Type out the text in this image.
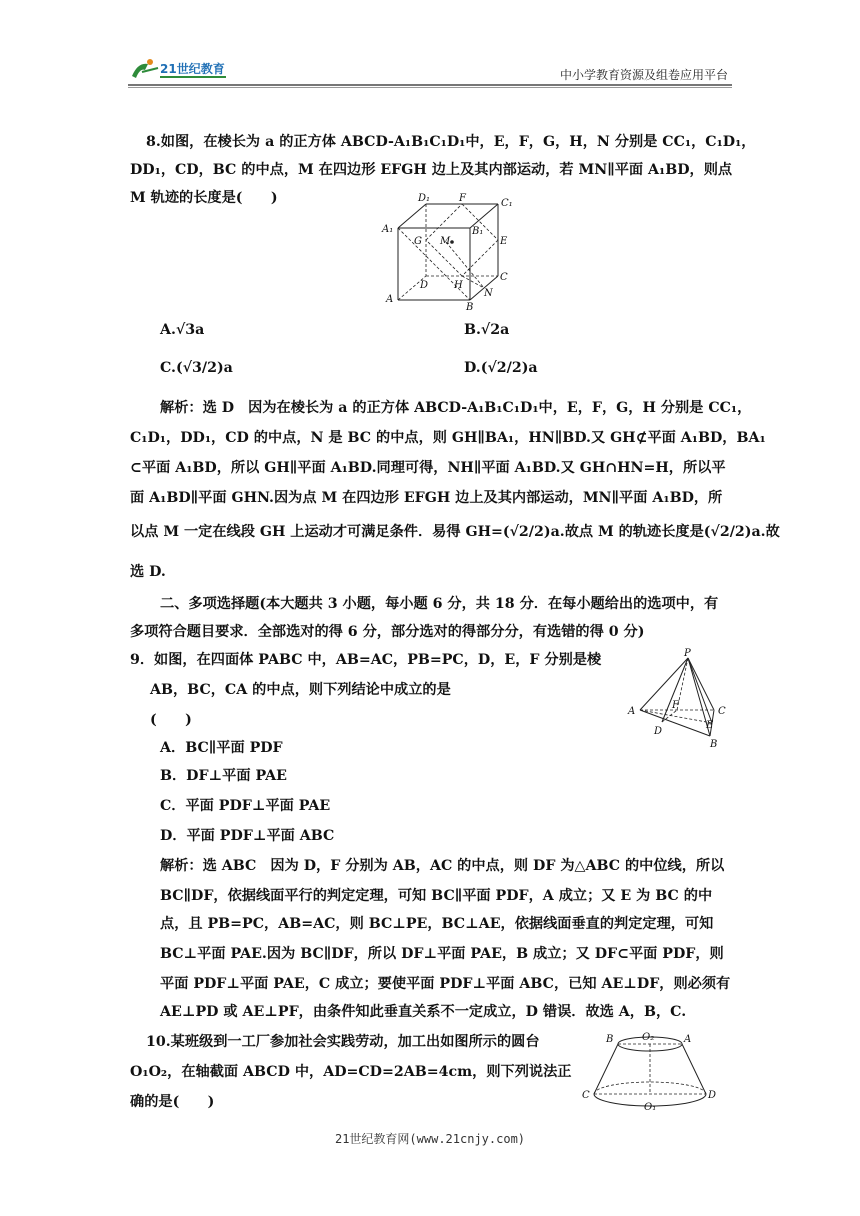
21世纪教育	中小学教育资源及组卷应用平台

8.如图，在棱长为 a 的正方体 ABCD-A₁B₁C₁D₁中，E，F，G，H，N 分别是 CC₁，C₁D₁，

DD₁，CD，BC 的中点，M 在四边形 EFGH 边上及其内部运动，若 MN∥平面 A₁BD，则点

M 轨迹的长度是(　　)	D₁	F	C₁
A₁
G M
B₁
E
C
D	H
N
A
B

A.√3a	B.√2a

C.(√3/2)a	D.(√2/2)a

解析：选 D　因为在棱长为 a 的正方体 ABCD-A₁B₁C₁D₁中，E，F，G，H 分别是 CC₁，

C₁D₁，DD₁，CD 的中点，N 是 BC 的中点，则 GH∥BA₁，HN∥BD.又 GH⊄平面 A₁BD，BA₁

⊂平面 A₁BD，所以 GH∥平面 A₁BD.同理可得，NH∥平面 A₁BD.又 GH∩HN=H，所以平

面 A₁BD∥平面 GHN.因为点 M 在四边形 EFGH 边上及其内部运动，MN∥平面 A₁BD，所

以点 M 一定在线段 GH 上运动才可满足条件．易得 GH=(√2/2)a.故点 M 的轨迹长度是(√2/2)a.故

选 D.

二、多项选择题(本大题共 3 小题，每小题 6 分，共 18 分．在每小题给出的选项中，有

多项符合题目要求．全部选对的得 6 分，部分选对的得部分分，有选错的得 0 分)

9．如图，在四面体 PABC 中，AB=AC，PB=PC，D，E，F 分别是棱

AB，BC，CA 的中点，则下列结论中成立的是

(　　)

P
A
F
C
D
E
B

A．BC∥平面 PDF

B．DF⊥平面 PAE

C．平面 PDF⊥平面 PAE

D．平面 PDF⊥平面 ABC

解析：选 ABC　因为 D，F 分别为 AB，AC 的中点，则 DF 为△ABC 的中位线，所以

BC∥DF，依据线面平行的判定定理，可知 BC∥平面 PDF，A 成立；又 E 为 BC 的中

点，且 PB=PC，AB=AC，则 BC⊥PE，BC⊥AE，依据线面垂直的判定定理，可知

BC⊥平面 PAE.因为 BC∥DF，所以 DF⊥平面 PAE，B 成立；又 DF⊂平面 PDF，则

平面 PDF⊥平面 PAE，C 成立；要使平面 PDF⊥平面 ABC，已知 AE⊥DF，则必须有

AE⊥PD 或 AE⊥PF，由条件知此垂直关系不一定成立，D 错误．故选 A，B，C.

10.某班级到一工厂参加社会实践劳动，加工出如图所示的圆台

O₁O₂，在轴截面 ABCD 中，AD=CD=2AB=4cm，则下列说法正

确的是(　　)

B	O₂	A
C
O₁
D
21世纪教育网(www.21cnjy.com)
